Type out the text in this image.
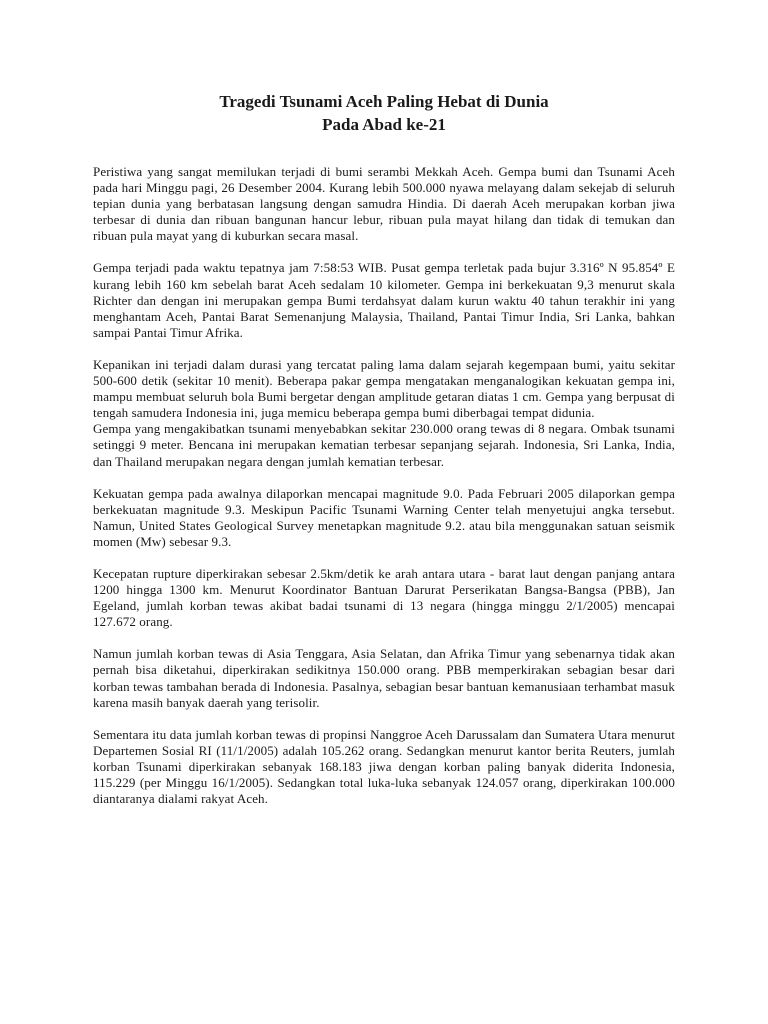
Tragedi Tsunami Aceh Paling Hebat di Dunia
Pada Abad ke-21

Peristiwa yang sangat memilukan terjadi di bumi serambi Mekkah Aceh. Gempa bumi dan Tsunami Aceh pada hari Minggu pagi, 26 Desember 2004. Kurang lebih 500.000 nyawa melayang dalam sekejab di seluruh tepian dunia yang berbatasan langsung dengan samudra Hindia. Di daerah Aceh merupakan korban jiwa terbesar di dunia dan ribuan bangunan hancur lebur, ribuan pula mayat hilang dan tidak di temukan dan ribuan pula mayat yang di kuburkan secara masal.

Gempa terjadi pada waktu tepatnya jam 7:58:53 WIB. Pusat gempa terletak pada bujur 3.316º N 95.854º E kurang lebih 160 km sebelah barat Aceh sedalam 10 kilometer. Gempa ini berkekuatan 9,3 menurut skala Richter dan dengan ini merupakan gempa Bumi terdahsyat dalam kurun waktu 40 tahun terakhir ini yang menghantam Aceh, Pantai Barat Semenanjung Malaysia, Thailand, Pantai Timur India, Sri Lanka, bahkan sampai Pantai Timur Afrika.

Kepanikan ini terjadi dalam durasi yang tercatat paling lama dalam sejarah kegempaan bumi, yaitu sekitar 500-600 detik (sekitar 10 menit). Beberapa pakar gempa mengatakan menganalogikan kekuatan gempa ini, mampu membuat seluruh bola Bumi bergetar dengan amplitude getaran diatas 1 cm. Gempa yang berpusat di tengah samudera Indonesia ini, juga memicu beberapa gempa bumi diberbagai tempat didunia.

Gempa yang mengakibatkan tsunami menyebabkan sekitar 230.000 orang tewas di 8 negara. Ombak tsunami setinggi 9 meter. Bencana ini merupakan kematian terbesar sepanjang sejarah. Indonesia, Sri Lanka, India, dan Thailand merupakan negara dengan jumlah kematian terbesar.

Kekuatan gempa pada awalnya dilaporkan mencapai magnitude 9.0. Pada Februari 2005 dilaporkan gempa berkekuatan magnitude 9.3. Meskipun Pacific Tsunami Warning Center telah menyetujui angka tersebut. Namun, United States Geological Survey menetapkan magnitude 9.2. atau bila menggunakan satuan seismik momen (Mw) sebesar 9.3.

Kecepatan rupture diperkirakan sebesar 2.5km/detik ke arah antara utara - barat laut dengan panjang antara 1200 hingga 1300 km. Menurut Koordinator Bantuan Darurat Perserikatan Bangsa-Bangsa (PBB), Jan Egeland, jumlah korban tewas akibat badai tsunami di 13 negara (hingga minggu 2/1/2005) mencapai 127.672 orang.

Namun jumlah korban tewas di Asia Tenggara, Asia Selatan, dan Afrika Timur yang sebenarnya tidak akan pernah bisa diketahui, diperkirakan sedikitnya 150.000 orang. PBB memperkirakan sebagian besar dari korban tewas tambahan berada di Indonesia. Pasalnya, sebagian besar bantuan kemanusiaan terhambat masuk karena masih banyak daerah yang terisolir.

Sementara itu data jumlah korban tewas di propinsi Nanggroe Aceh Darussalam dan Sumatera Utara menurut Departemen Sosial RI (11/1/2005) adalah 105.262 orang. Sedangkan menurut kantor berita Reuters, jumlah korban Tsunami diperkirakan sebanyak 168.183 jiwa dengan korban paling banyak diderita Indonesia, 115.229 (per Minggu 16/1/2005). Sedangkan total luka-luka sebanyak 124.057 orang, diperkirakan 100.000 diantaranya dialami rakyat Aceh.
